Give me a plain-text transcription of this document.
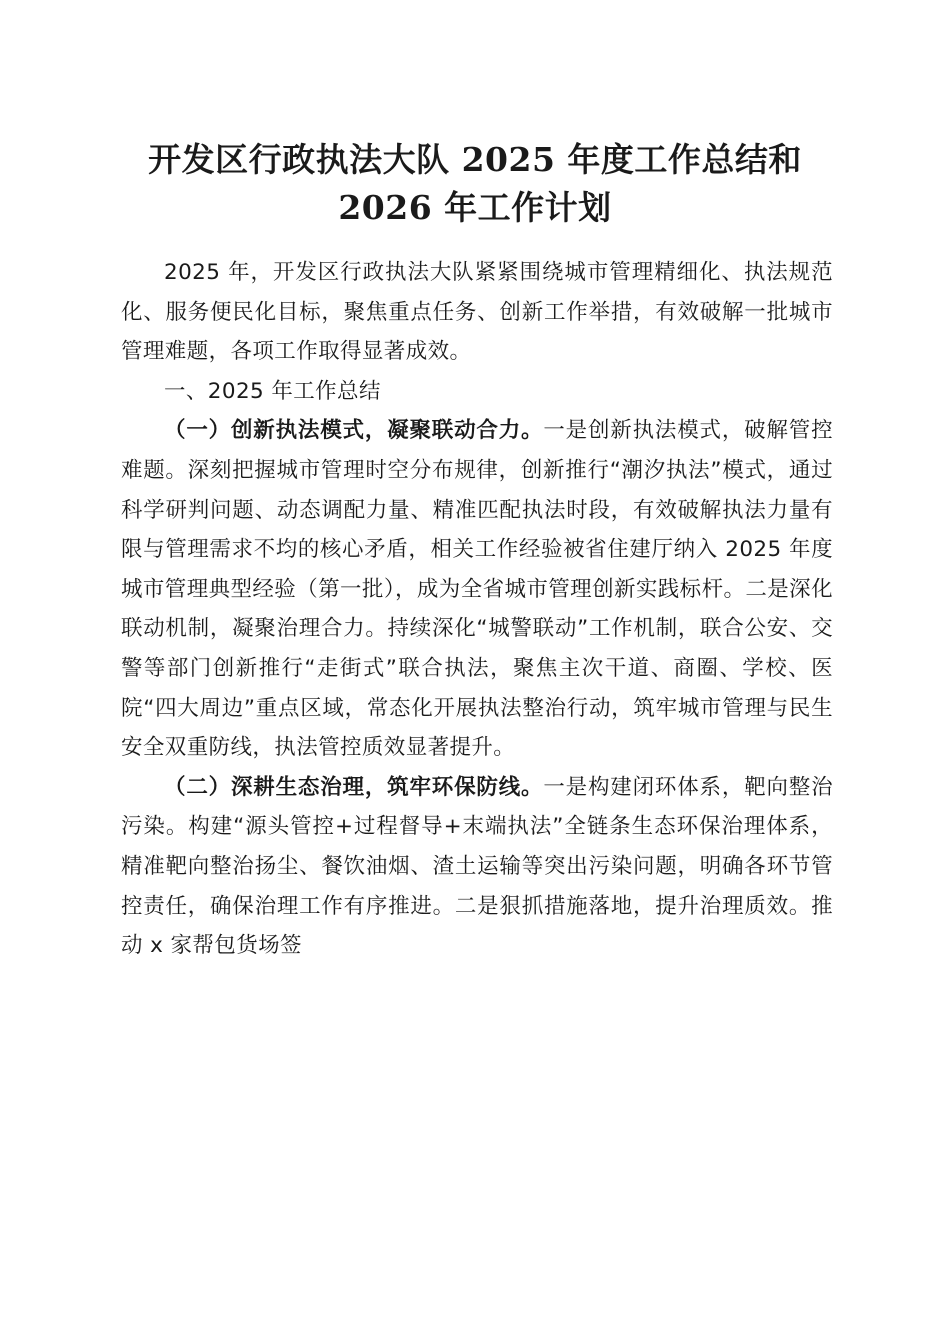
开发区行政执法大队 2025 年度工作总结和
2026 年工作计划

2025 年，开发区行政执法大队紧紧围绕城市管理精细化、执法规范化、服务便民化目标，聚焦重点任务、创新工作举措，有效破解一批城市管理难题，各项工作取得显著成效。

一、2025 年工作总结

（一）创新执法模式，凝聚联动合力。一是创新执法模式，破解管控难题。深刻把握城市管理时空分布规律，创新推行“潮汐执法”模式，通过科学研判问题、动态调配力量、精准匹配执法时段，有效破解执法力量有限与管理需求不均的核心矛盾，相关工作经验被省住建厅纳入 2025 年度城市管理典型经验（第一批），成为全省城市管理创新实践标杆。二是深化联动机制，凝聚治理合力。持续深化“城警联动”工作机制，联合公安、交警等部门创新推行“走街式”联合执法，聚焦主次干道、商圈、学校、医院“四大周边”重点区域，常态化开展执法整治行动，筑牢城市管理与民生安全双重防线，执法管控质效显著提升。

（二）深耕生态治理，筑牢环保防线。一是构建闭环体系，靶向整治污染。构建“源头管控+过程督导+末端执法”全链条生态环保治理体系，精准靶向整治扬尘、餐饮油烟、渣土运输等突出污染问题，明确各环节管控责任，确保治理工作有序推进。二是狠抓措施落地，提升治理质效。推动 x 家帮包货场签
